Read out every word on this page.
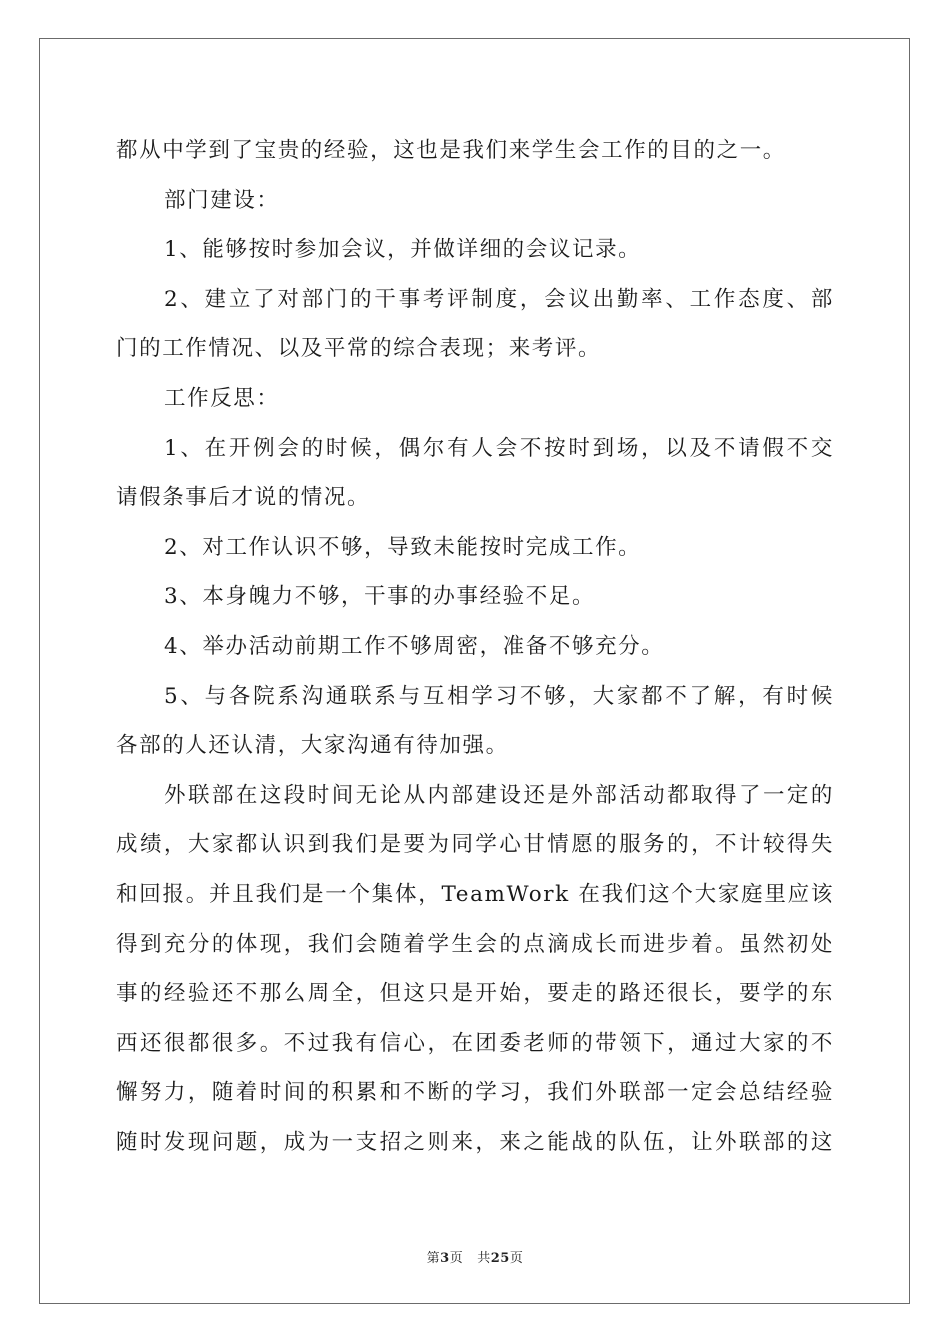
都从中学到了宝贵的经验，这也是我们来学生会工作的目的之一。
部门建设：
1、能够按时参加会议，并做详细的会议记录。
2、建立了对部门的干事考评制度，会议出勤率、工作态度、部
门的工作情况、以及平常的综合表现；来考评。
工作反思：
1、在开例会的时候，偶尔有人会不按时到场，以及不请假不交
请假条事后才说的情况。
2、对工作认识不够，导致未能按时完成工作。
3、本身魄力不够，干事的办事经验不足。
4、举办活动前期工作不够周密，准备不够充分。
5、与各院系沟通联系与互相学习不够，大家都不了解，有时候
各部的人还认清，大家沟通有待加强。
外联部在这段时间无论从内部建设还是外部活动都取得了一定的
成绩，大家都认识到我们是要为同学心甘情愿的服务的，不计较得失
和回报。并且我们是一个集体，TeamWork 在我们这个大家庭里应该
得到充分的体现，我们会随着学生会的点滴成长而进步着。虽然初处
事的经验还不那么周全，但这只是开始，要走的路还很长，要学的东
西还很都很多。不过我有信心，在团委老师的带领下，通过大家的不
懈努力，随着时间的积累和不断的学习，我们外联部一定会总结经验
随时发现问题，成为一支招之则来，来之能战的队伍，让外联部的这
第3页 共25页
